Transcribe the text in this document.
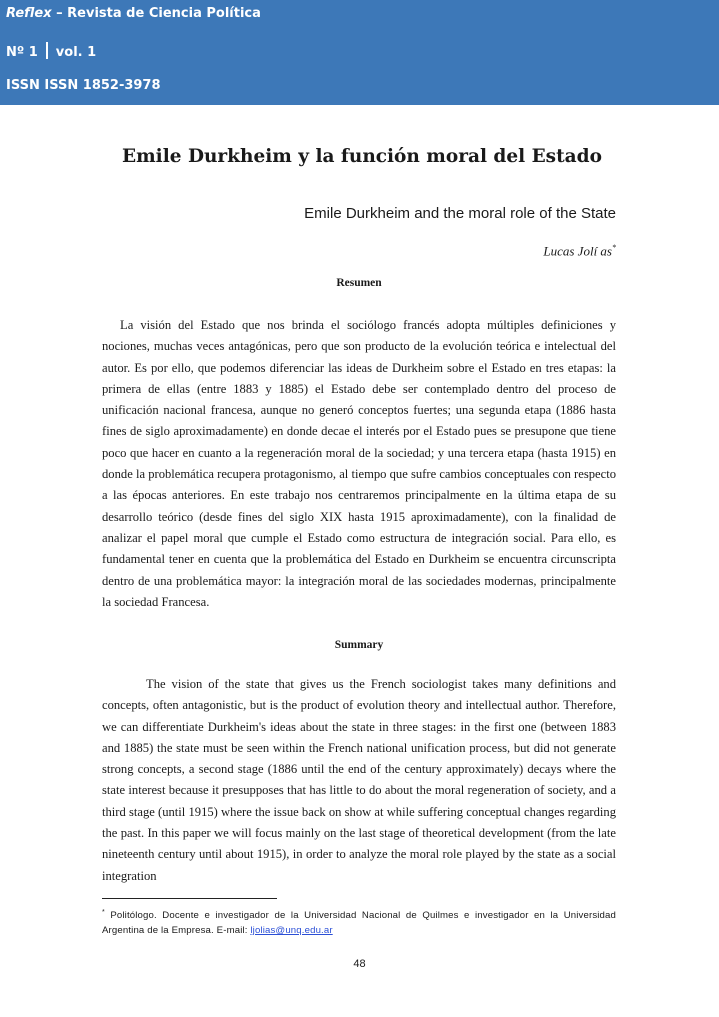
Reflex – Revista de Ciencia Política
Nº 1 vol. 1
ISSN ISSN 1852-3978
Emile Durkheim y la función moral del Estado
Emile Durkheim and the moral role of the State
Lucas Jolí as*
Resumen

La visión del Estado que nos brinda el sociólogo francés adopta múltiples definiciones y nociones, muchas veces antagónicas, pero que son producto de la evolución teórica e intelectual del autor. Es por ello, que podemos diferenciar las ideas de Durkheim sobre el Estado en tres etapas: la primera de ellas (entre 1883 y 1885) el Estado debe ser contemplado dentro del proceso de unificación nacional francesa, aunque no generó conceptos fuertes; una segunda etapa (1886 hasta fines de siglo aproximadamente) en donde decae el interés por el Estado pues se presupone que tiene poco que hacer en cuanto a la regeneración moral de la sociedad; y una tercera etapa (hasta 1915) en donde la problemática recupera protagonismo, al tiempo que sufre cambios conceptuales con respecto a las épocas anteriores. En este trabajo nos centraremos principalmente en la última etapa de su desarrollo teórico (desde fines del siglo XIX hasta 1915 aproximadamente), con la finalidad de analizar el papel moral que cumple el Estado como estructura de integración social. Para ello, es fundamental tener en cuenta que la problemática del Estado en Durkheim se encuentra circunscripta dentro de una problemática mayor: la integración moral de las sociedades modernas, principalmente la sociedad Francesa.

Summary

The vision of the state that gives us the French sociologist takes many definitions and concepts, often antagonistic, but is the product of evolution theory and intellectual author. Therefore, we can differentiate Durkheim's ideas about the state in three stages: in the first one (between 1883 and 1885) the state must be seen within the French national unification process, but did not generate strong concepts, a second stage (1886 until the end of the century approximately) decays where the state interest because it presupposes that has little to do about the moral regeneration of society, and a third stage (until 1915) where the issue back on show at while suffering conceptual changes regarding the past. In this paper we will focus mainly on the last stage of theoretical development (from the late nineteenth century until about 1915), in order to analyze the moral role played by the state as a social integration

* Politólogo. Docente e investigador de la Universidad Nacional de Quilmes e investigador en la Universidad Argentina de la Empresa. E-mail: ljolias@unq.edu.ar
48
